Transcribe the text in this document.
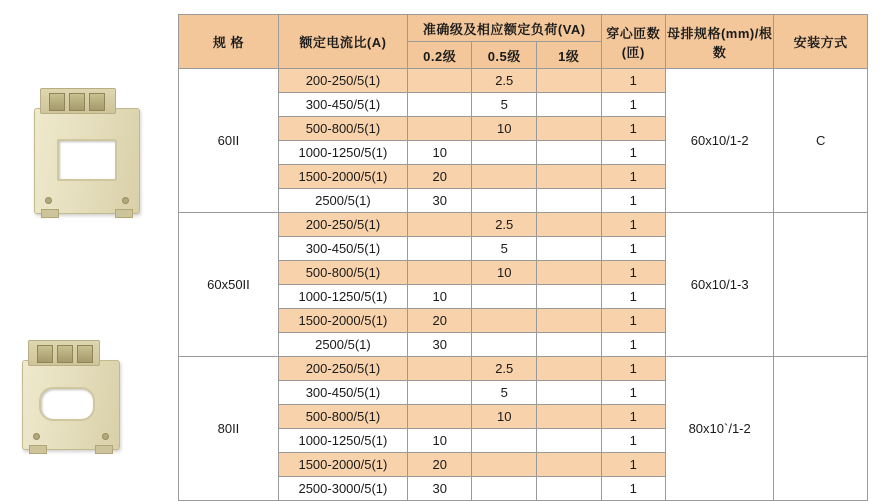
规 格	额定电流比(A)	准确级及相应额定负荷(VA)			穿心匝数(匝)	母排规格(mm)/根数	安装方式
		0.2级	0.5级	1级			
60II	200-250/5(1)		2.5		1	60x10/1-2	C
	300-450/5(1)		5		1		
	500-800/5(1)		10		1		
	1000-1250/5(1)	10			1		
	1500-2000/5(1)	20			1		
	2500/5(1)	30			1		
60x50II	200-250/5(1)		2.5		1	60x10/1-3	
	300-450/5(1)		5		1		
	500-800/5(1)		10		1		
	1000-1250/5(1)	10			1		
	1500-2000/5(1)	20			1		
	2500/5(1)	30			1		
80II	200-250/5(1)		2.5		1	80x10`/1-2	
	300-450/5(1)		5		1		
	500-800/5(1)		10		1		
	1000-1250/5(1)	10			1		
	1500-2000/5(1)	20			1		
	2500-3000/5(1)	30			1		
